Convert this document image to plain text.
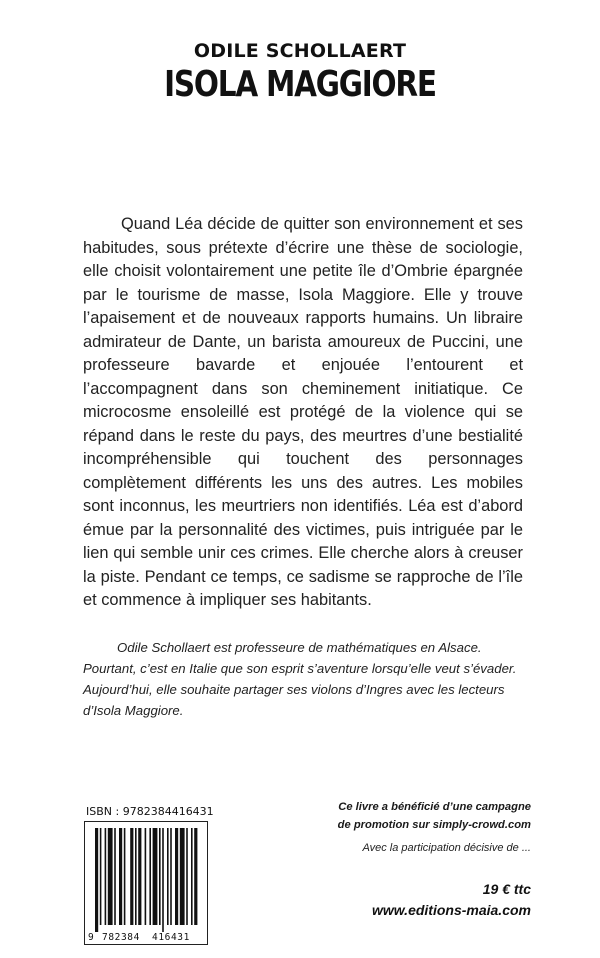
ODILE SCHOLLAERT
ISOLA MAGGIORE

Quand Léa décide de quitter son environnement et ses habitudes, sous prétexte d’écrire une thèse de sociologie, elle choisit volontairement une petite île d’Ombrie épargnée par le tourisme de masse, Isola Maggiore. Elle y trouve l’apaisement et de nouveaux rapports humains. Un libraire admirateur de Dante, un barista amoureux de Puccini, une professeure bavarde et enjouée l’entourent et l’accompagnent dans son cheminement initiatique. Ce microcosme ensoleillé est protégé de la violence qui se répand dans le reste du pays, des meurtres d’une bestialité incompréhensible qui touchent des personnages complètement différents les uns des autres. Les mobiles sont inconnus, les meurtriers non identifiés. Léa est d’abord émue par la personnalité des victimes, puis intriguée par le lien qui semble unir ces crimes. Elle cherche alors à creuser la piste. Pendant ce temps, ce sadisme se rapproche de l’île et commence à impliquer ses habitants.

Odile Schollaert est professeure de mathématiques en Alsace. Pourtant, c’est en Italie que son esprit s’aventure lorsqu’elle veut s’évader. Aujourd’hui, elle souhaite partager ses violons d’Ingres avec les lecteurs d’Isola Maggiore.

ISBN : 9782384416431
9 782384 416431
Ce livre a bénéficié d’une campagne
de promotion sur simply-crowd.com
Avec la participation décisive de ...
19 € ttc
www.editions-maia.com
